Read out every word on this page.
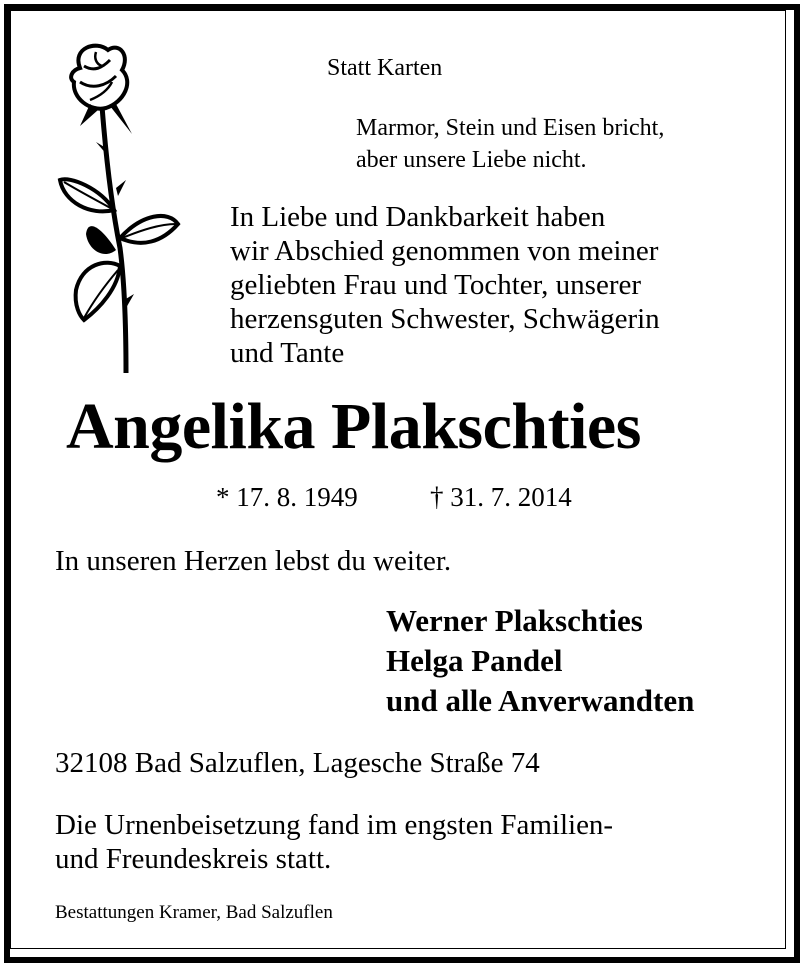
Statt Karten
Marmor, Stein und Eisen bricht,
aber unsere Liebe nicht.
In Liebe und Dankbarkeit haben
wir Abschied genommen von meiner
geliebten Frau und Tochter, unserer
herzensguten Schwester, Schwägerin
und Tante
Angelika Plakschties
* 17. 8. 1949	† 31. 7. 2014
In unseren Herzen lebst du weiter.
Werner Plakschties
Helga Pandel
und alle Anverwandten
32108 Bad Salzuflen, Lagesche Straße 74
Die Urnenbeisetzung fand im engsten Familien-
und Freundeskreis statt.
Bestattungen Kramer, Bad Salzuflen
